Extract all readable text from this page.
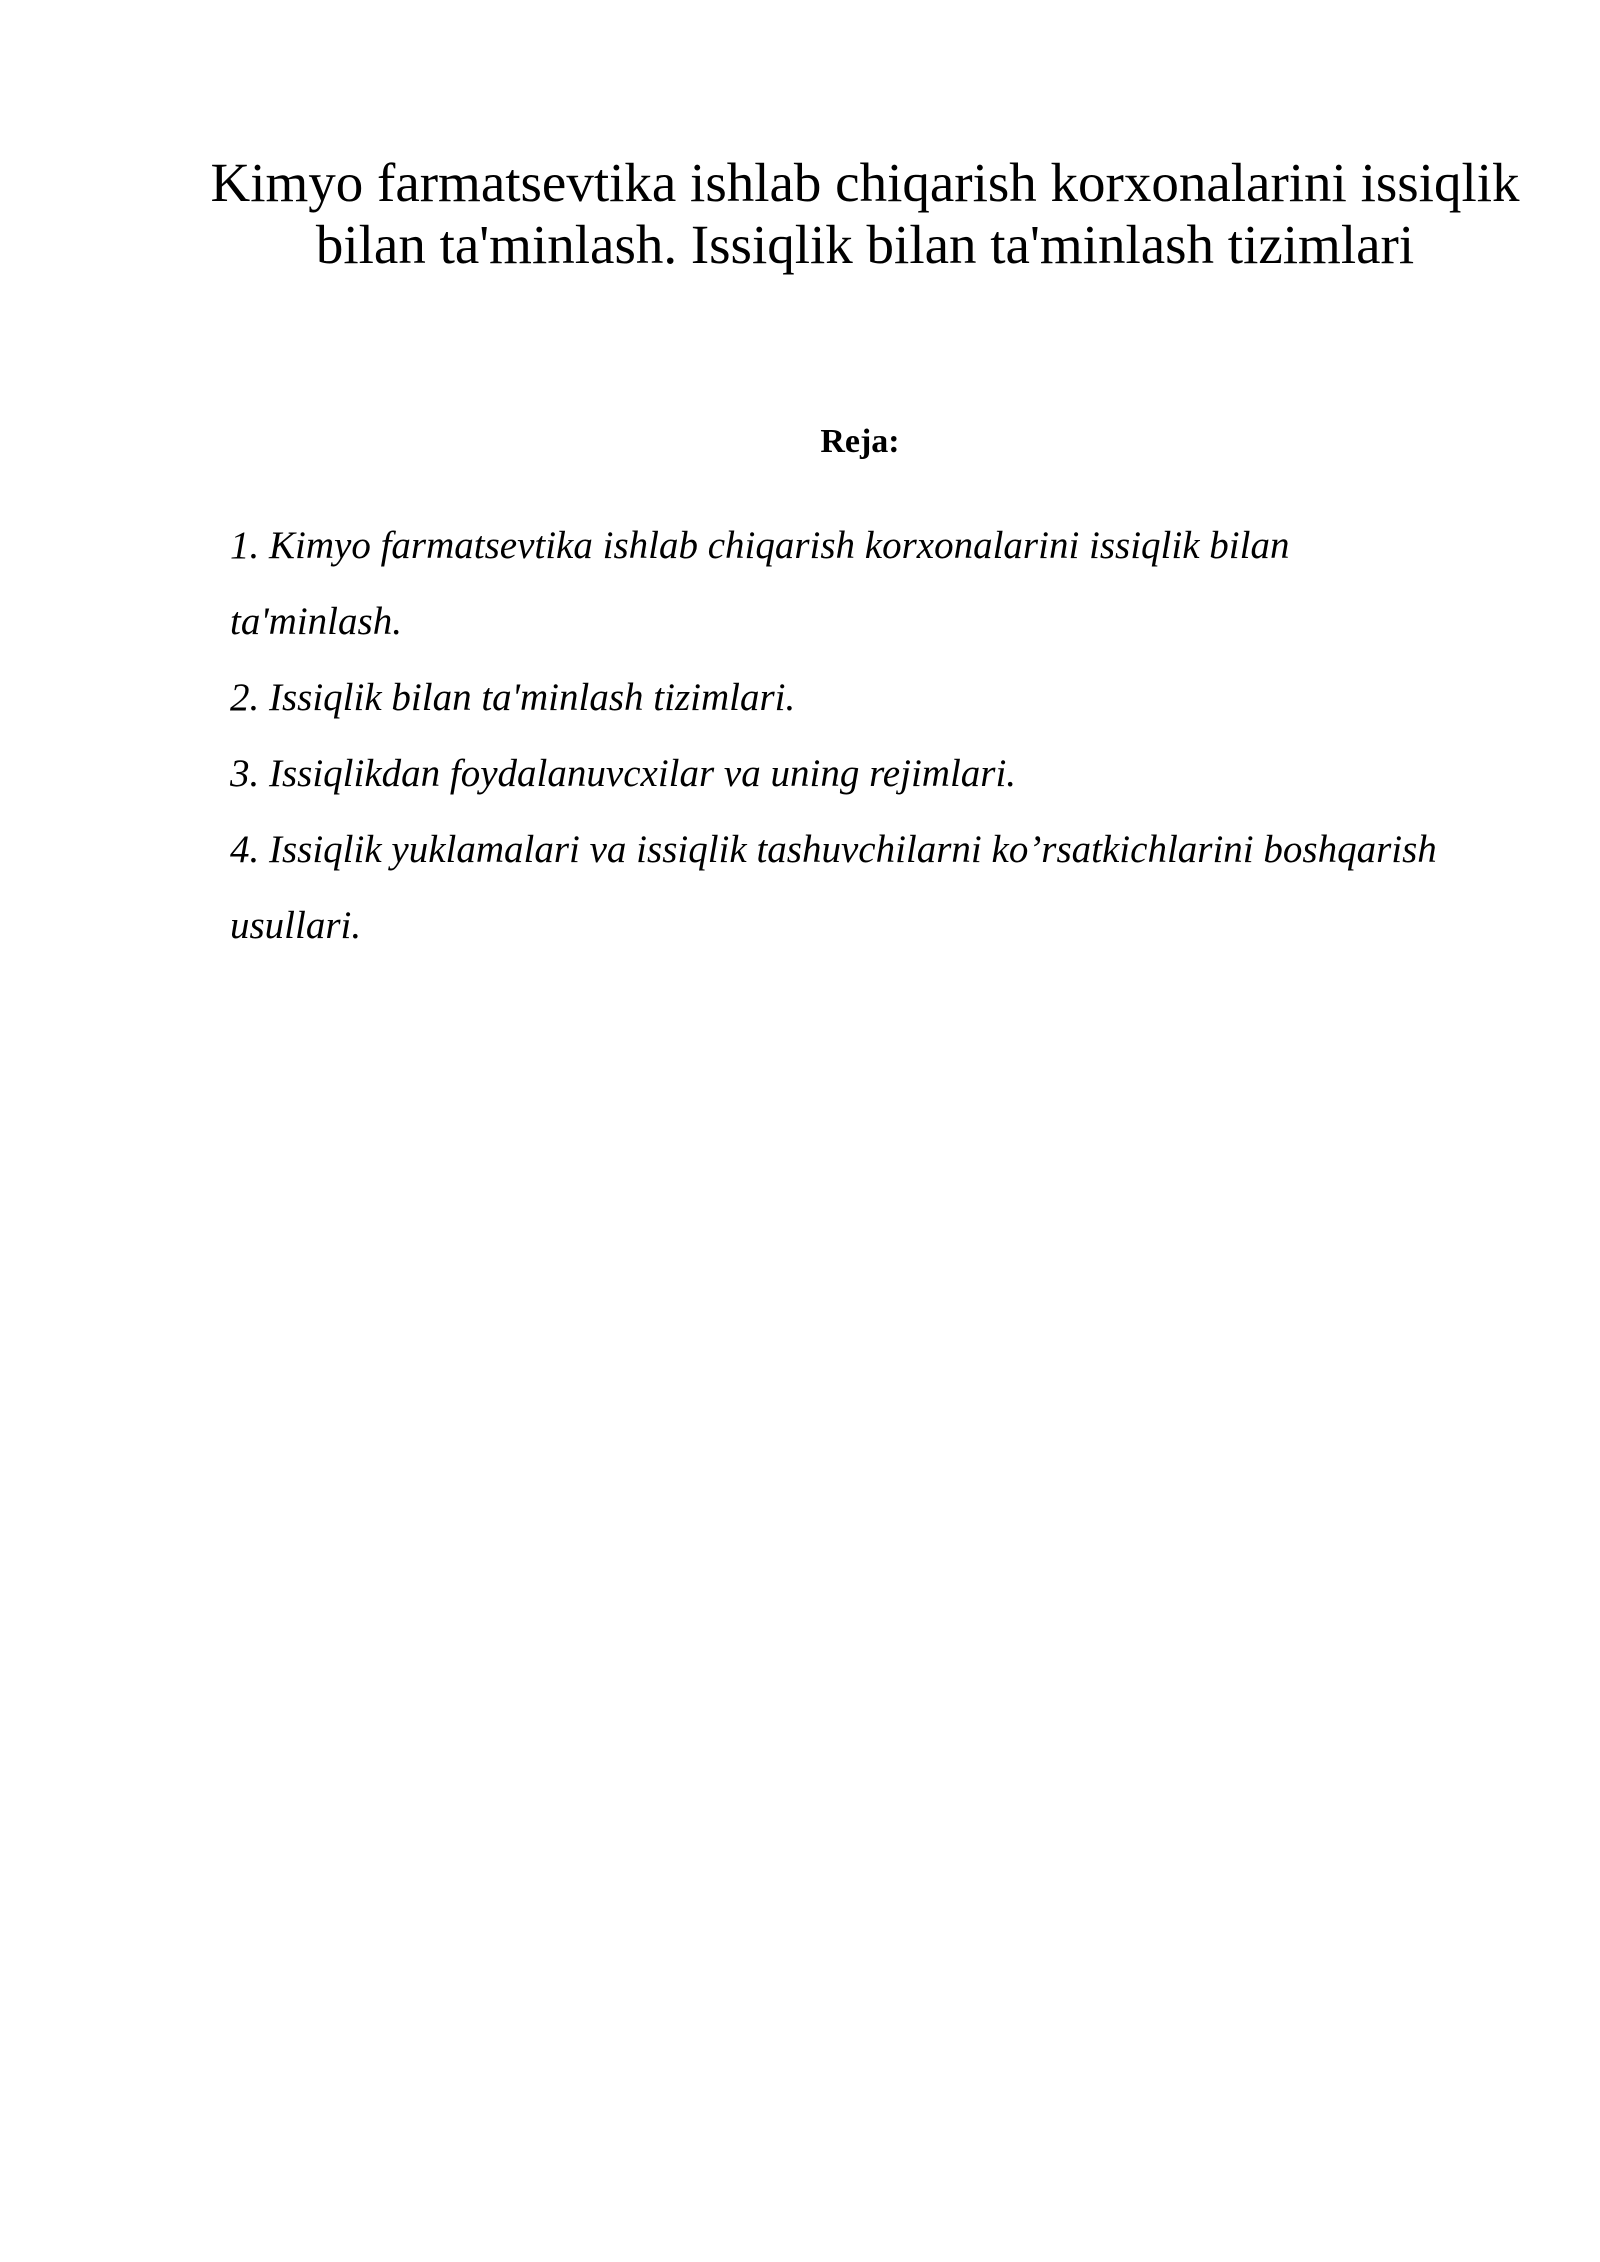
Kimyo farmatsevtika ishlab chiqarish korxonalarini issiqlik bilan ta'minlash. Issiqlik bilan ta'minlash tizimlari
Reja:
1. Kimyo farmatsevtika ishlab chiqarish korxonalarini issiqlik bilan ta'minlash.
2. Issiqlik bilan ta'minlash tizimlari.
3. Issiqlikdan foydalanuvcxilar va uning rejimlari.
4. Issiqlik yuklamalari va issiqlik tashuvchilarni ko’rsatkichlarini boshqarish usullari.
